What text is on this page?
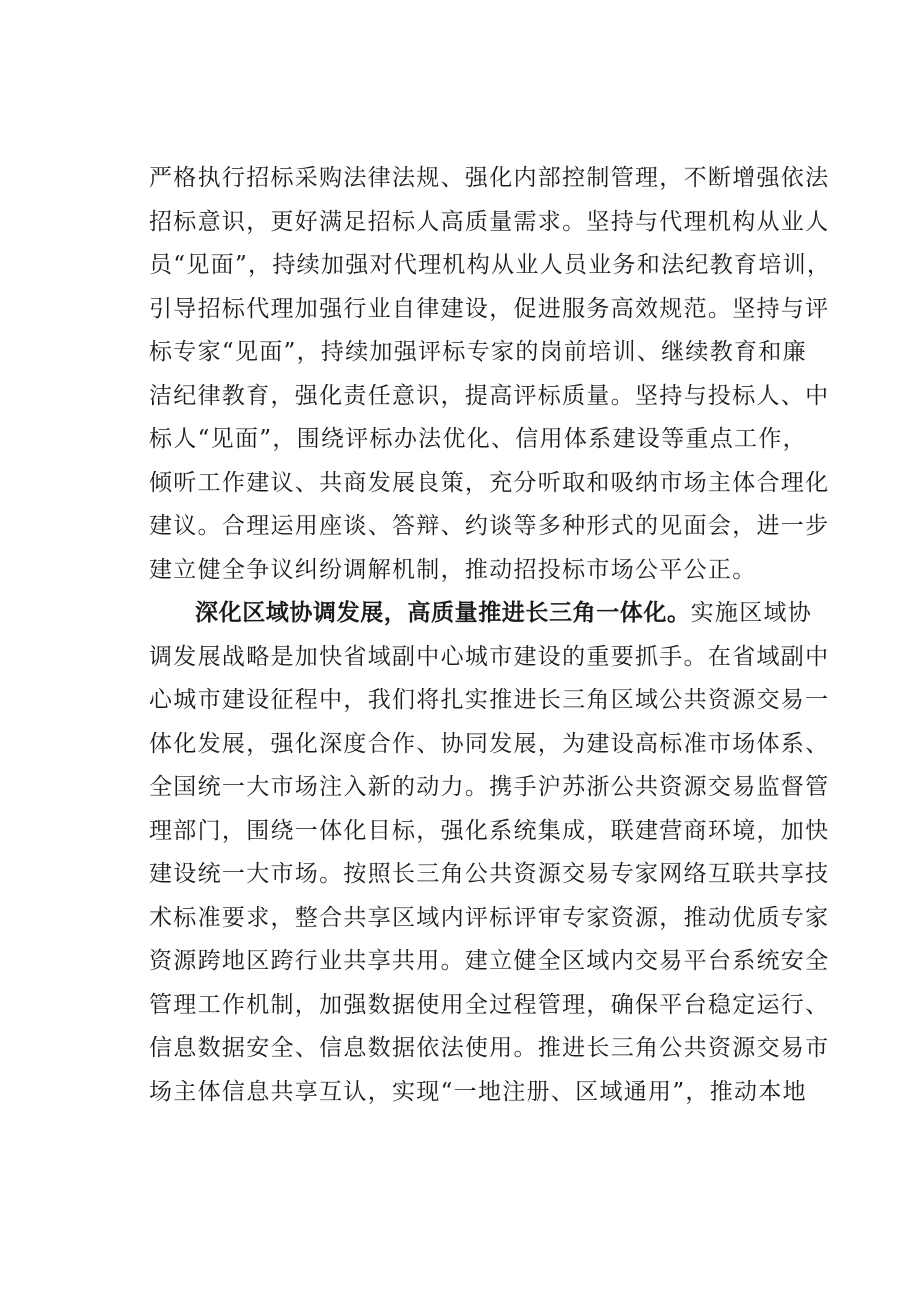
严格执行招标采购法律法规、强化内部控制管理，不断增强依法
招标意识，更好满足招标人高质量需求。坚持与代理机构从业人
员“见面”，持续加强对代理机构从业人员业务和法纪教育培训，
引导招标代理加强行业自律建设，促进服务高效规范。坚持与评
标专家“见面”，持续加强评标专家的岗前培训、继续教育和廉
洁纪律教育，强化责任意识，提高评标质量。坚持与投标人、中
标人“见面”，围绕评标办法优化、信用体系建设等重点工作，
倾听工作建议、共商发展良策，充分听取和吸纳市场主体合理化
建议。合理运用座谈、答辩、约谈等多种形式的见面会，进一步
建立健全争议纠纷调解机制，推动招投标市场公平公正。
深化区域协调发展，高质量推进长三角一体化。实施区域协
调发展战略是加快省域副中心城市建设的重要抓手。在省域副中
心城市建设征程中，我们将扎实推进长三角区域公共资源交易一
体化发展，强化深度合作、协同发展，为建设高标准市场体系、
全国统一大市场注入新的动力。携手沪苏浙公共资源交易监督管
理部门，围绕一体化目标，强化系统集成，联建营商环境，加快
建设统一大市场。按照长三角公共资源交易专家网络互联共享技
术标准要求，整合共享区域内评标评审专家资源，推动优质专家
资源跨地区跨行业共享共用。建立健全区域内交易平台系统安全
管理工作机制，加强数据使用全过程管理，确保平台稳定运行、
信息数据安全、信息数据依法使用。推进长三角公共资源交易市
场主体信息共享互认，实现“一地注册、区域通用”，推动本地
